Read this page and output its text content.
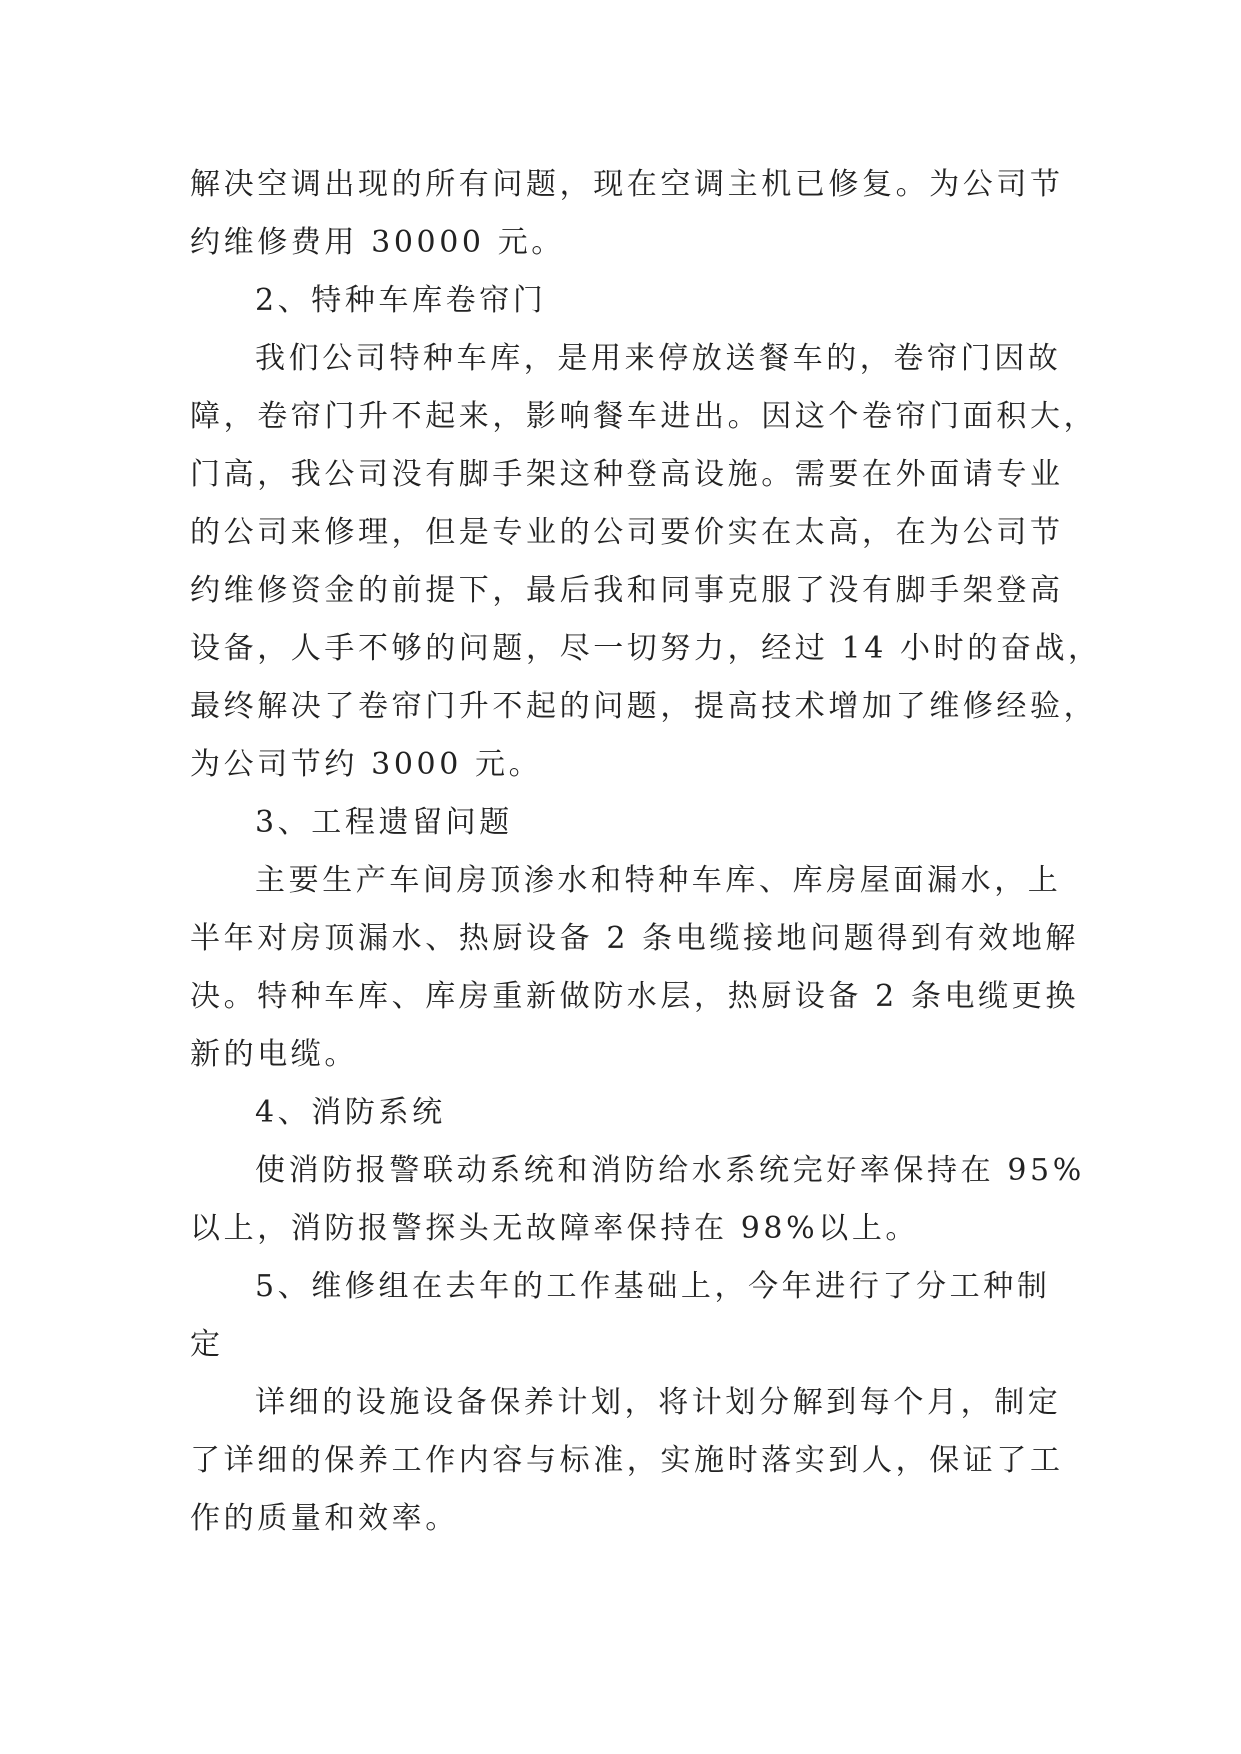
解决空调出现的所有问题，现在空调主机已修复。为公司节

约维修费用 30000 元。

2、特种车库卷帘门

我们公司特种车库，是用来停放送餐车的，卷帘门因故

障，卷帘门升不起来，影响餐车进出。因这个卷帘门面积大，

门高，我公司没有脚手架这种登高设施。需要在外面请专业

的公司来修理，但是专业的公司要价实在太高，在为公司节

约维修资金的前提下，最后我和同事克服了没有脚手架登高

设备，人手不够的问题，尽一切努力，经过 14 小时的奋战，

最终解决了卷帘门升不起的问题，提高技术增加了维修经验，

为公司节约 3000 元。

3、工程遗留问题

主要生产车间房顶渗水和特种车库、库房屋面漏水，上

半年对房顶漏水、热厨设备 2 条电缆接地问题得到有效地解

决。特种车库、库房重新做防水层，热厨设备 2 条电缆更换

新的电缆。

4、消防系统

使消防报警联动系统和消防给水系统完好率保持在 95%

以上，消防报警探头无故障率保持在 98%以上。

5、维修组在去年的工作基础上，今年进行了分工种制

定

详细的设施设备保养计划，将计划分解到每个月，制定

了详细的保养工作内容与标准，实施时落实到人，保证了工

作的质量和效率。
